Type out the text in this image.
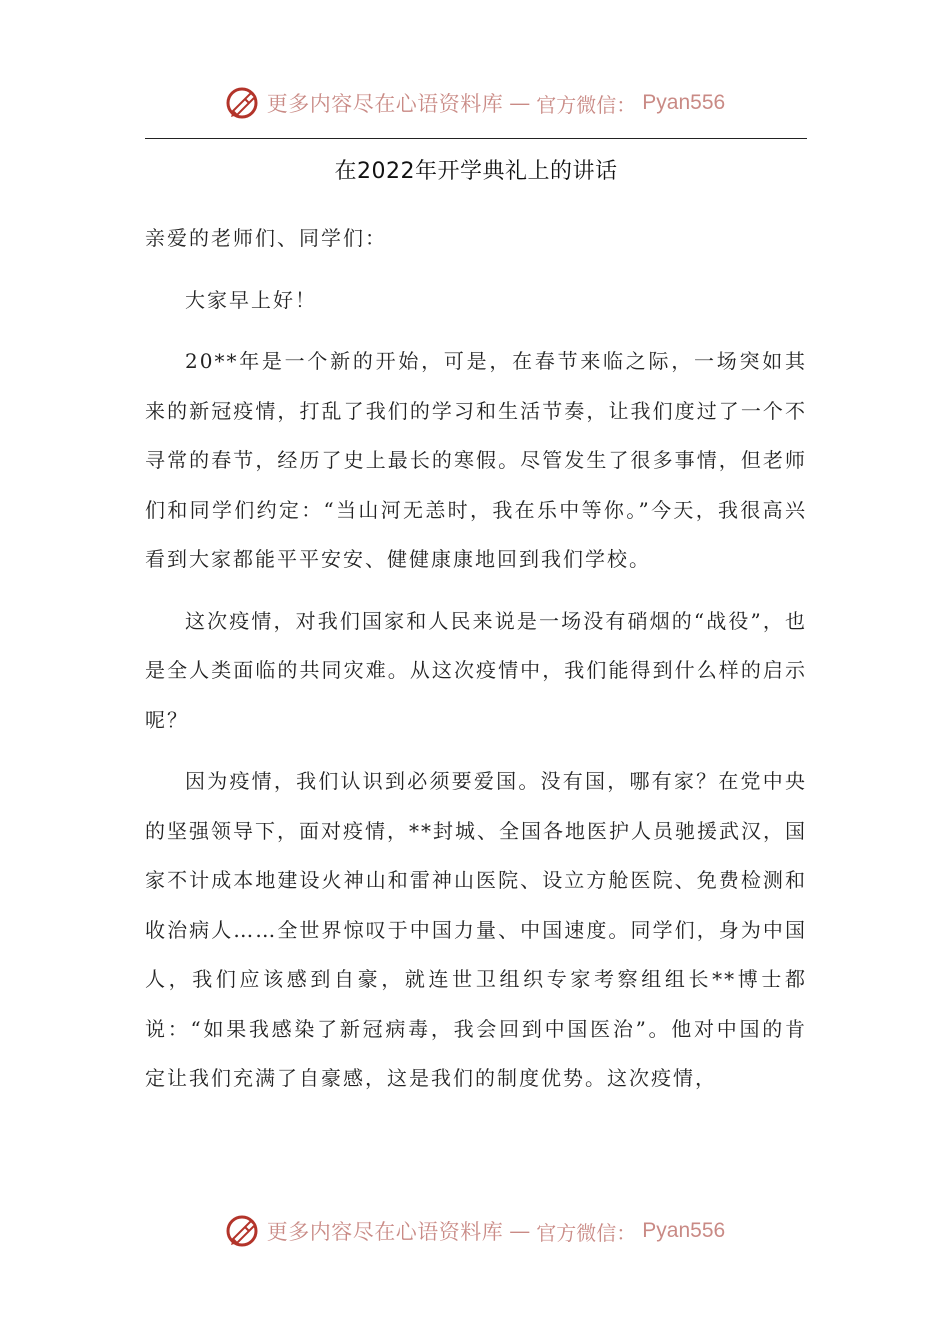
更多内容尽在心语资料库 — 官方微信： Pyan556
在2022年开学典礼上的讲话

亲爱的老师们、同学们：

大家早上好！

20**年是一个新的开始，可是，在春节来临之际，一场突如其来的新冠疫情，打乱了我们的学习和生活节奏，让我们度过了一个不寻常的春节，经历了史上最长的寒假。尽管发生了很多事情，但老师们和同学们约定：“当山河无恙时，我在乐中等你。”今天，我很高兴看到大家都能平平安安、健健康康地回到我们学校。

这次疫情，对我们国家和人民来说是一场没有硝烟的“战役”，也是全人类面临的共同灾难。从这次疫情中，我们能得到什么样的启示呢？

因为疫情，我们认识到必须要爱国。没有国，哪有家？在党中央的坚强领导下，面对疫情，**封城、全国各地医护人员驰援武汉，国家不计成本地建设火神山和雷神山医院、设立方舱医院、免费检测和收治病人……全世界惊叹于中国力量、中国速度。同学们，身为中国人，我们应该感到自豪，就连世卫组织专家考察组组长**博士都说：“如果我感染了新冠病毒，我会回到中国医治”。他对中国的肯定让我们充满了自豪感，这是我们的制度优势。这次疫情，

更多内容尽在心语资料库 — 官方微信： Pyan556
